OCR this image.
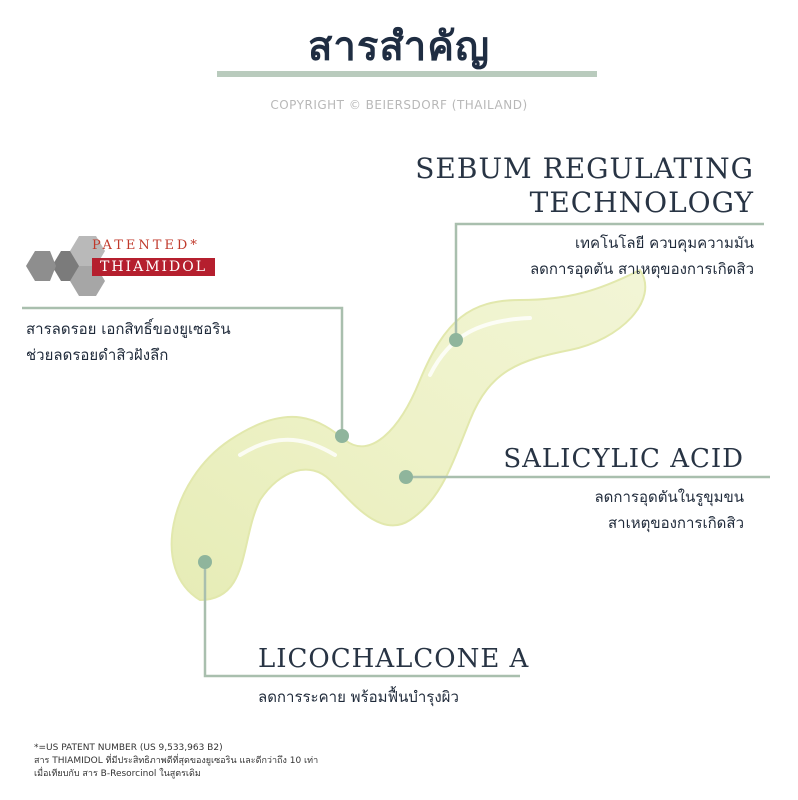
PATENTED*
THIAMIDOL
สารสำคัญ
COPYRIGHT © BEIERSDORF (THAILAND)
SEBUM REGULATING
TECHNOLOGY
เทคโนโลยี ควบคุมความมัน
ลดการอุดตัน สาเหตุของการเกิดสิว
สารลดรอย เอกสิทธิ์ของยูเซอริน
ช่วยลดรอยดำสิวฝังลึก
SALICYLIC ACID
ลดการอุดตันในรูขุมขน
สาเหตุของการเกิดสิว
LICOCHALCONE A
ลดการระคาย พร้อมฟื้นบำรุงผิว
*=US PATENT NUMBER (US 9,533,963 B2)
สาร THIAMIDOL ที่มีประสิทธิภาพดีที่สุดของยูเซอริน และดีกว่าถึง 10 เท่า
เมื่อเทียบกับ สาร B-Resorcinol ในสูตรเดิม
